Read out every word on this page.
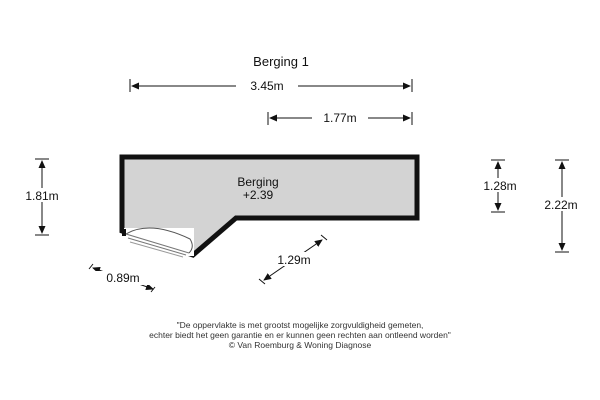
Berging 1
3.45m
1.77m
Berging
+2.39
1.81m
1.28m
2.22m
1.29m
0.89m
"De oppervlakte is met grootst mogelijke zorgvuldigheid gemeten,
echter biedt het geen garantie en er kunnen geen rechten aan ontleend worden"
© Van Roemburg & Woning Diagnose
